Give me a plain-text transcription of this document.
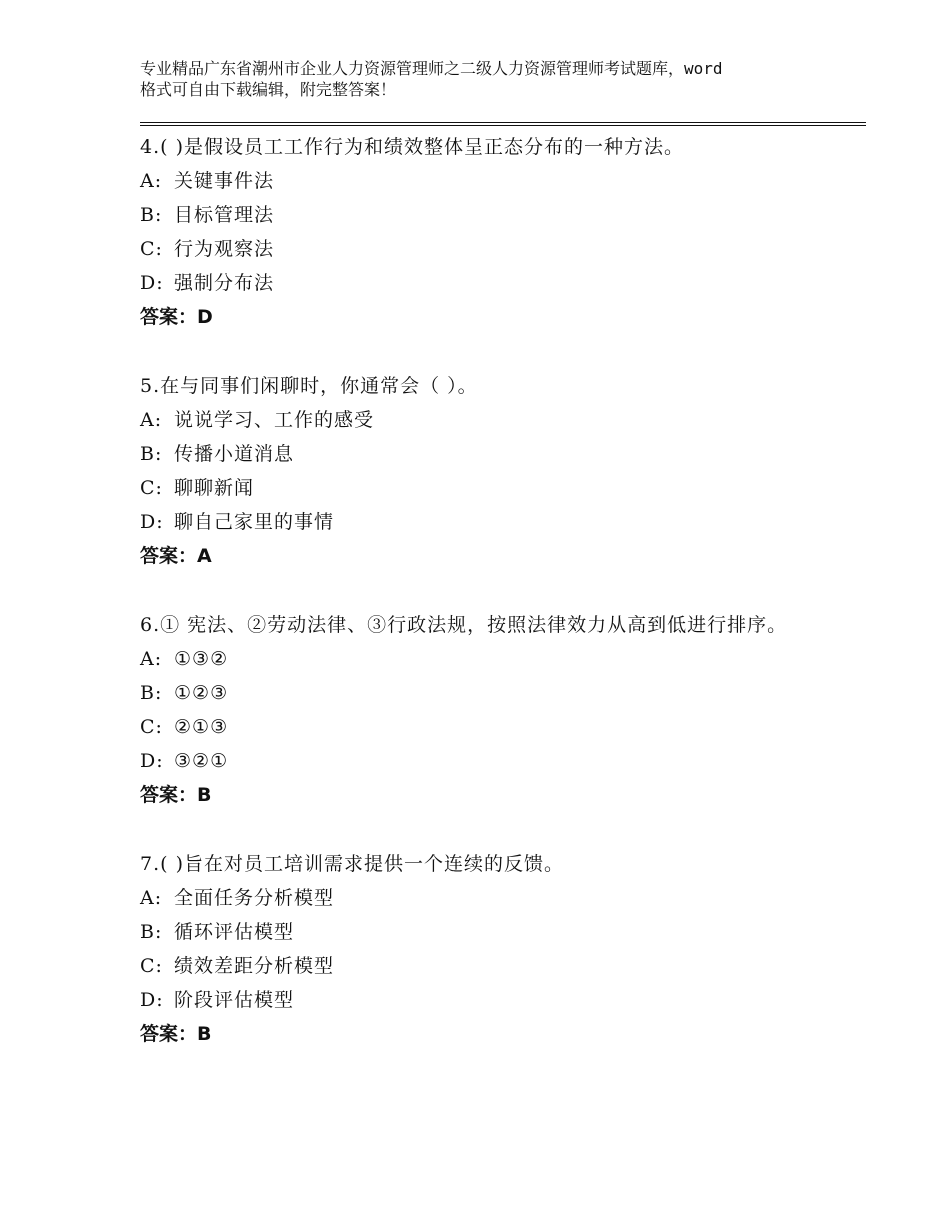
专业精品广东省潮州市企业人力资源管理师之二级人力资源管理师考试题库，word
格式可自由下载编辑，附完整答案！
4.( )是假设员工工作行为和绩效整体呈正态分布的一种方法。
A: 关键事件法
B: 目标管理法
C: 行为观察法
D: 强制分布法
答案：D
5.在与同事们闲聊时，你通常会（ ）。
A: 说说学习、工作的感受
B: 传播小道消息
C: 聊聊新闻
D: 聊自己家里的事情
答案：A
6.① 宪法、②劳动法律、③行政法规，按照法律效力从高到低进行排序。
A: ①③②
B: ①②③
C: ②①③
D: ③②①
答案：B
7.( )旨在对员工培训需求提供一个连续的反馈。
A: 全面任务分析模型
B: 循环评估模型
C: 绩效差距分析模型
D: 阶段评估模型
答案：B
